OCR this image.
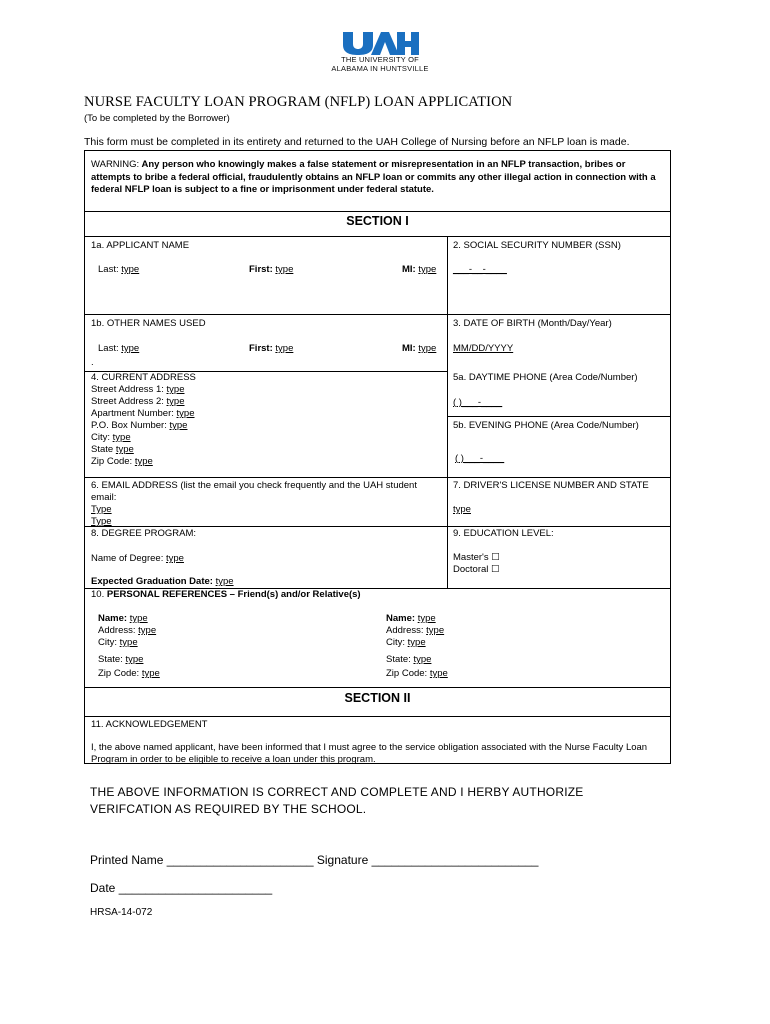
THE UNIVERSITY OF
ALABAMA IN HUNTSVILLE
NURSE FACULTY LOAN PROGRAM (NFLP) LOAN APPLICATION
(To be completed by the Borrower)
This form must be completed in its entirety and returned to the UAH College of Nursing before an NFLP loan is made.
WARNING: Any person who knowingly makes a false statement or misrepresentation in an NFLP transaction, bribes or attempts to bribe a federal official, fraudulently obtains an NFLP loan or commits any other illegal action in connection with a federal NFLP loan is subject to a fine or imprisonment under federal statute.
SECTION I
1a. APPLICANT NAME
Last: type	First: type	MI: type
2. SOCIAL SECURITY NUMBER (SSN)
___-__-____
1b. OTHER NAMES USED
Last: type	First: type	MI: type
.
3. DATE OF BIRTH (Month/Day/Year)
MM/DD/YYYY
4. CURRENT ADDRESS
Street Address 1: type
Street Address 2: type
Apartment Number: type
P.O. Box Number: type
City: type
State type
Zip Code: type
5a. DAYTIME PHONE (Area Code/Number)
( )___-____
5b. EVENING PHONE (Area Code/Number)
( )___-____
6. EMAIL ADDRESS (list the email you check frequently and the UAH student email:
Type
Type
7. DRIVER'S LICENSE NUMBER AND STATE
type
8. DEGREE PROGRAM:
Name of Degree: type
Expected Graduation Date: type
9. EDUCATION LEVEL:
Master's ☐
Doctoral ☐
10. PERSONAL REFERENCES – Friend(s) and/or Relative(s)
Name: type
Address: type
City: type
State: type
Zip Code: type
Name: type
Address: type
City: type
State: type
Zip Code: type
SECTION II
11. ACKNOWLEDGEMENT
I, the above named applicant, have been informed that I must agree to the service obligation associated with the Nurse Faculty Loan Program in order to be eligible to receive a loan under this program.
THE ABOVE INFORMATION IS CORRECT AND COMPLETE AND I HERBY AUTHORIZE
VERIFCATION AS REQUIRED BY THE SCHOOL.
Printed Name ______________________ Signature _________________________
Date _______________________
HRSA-14-072
